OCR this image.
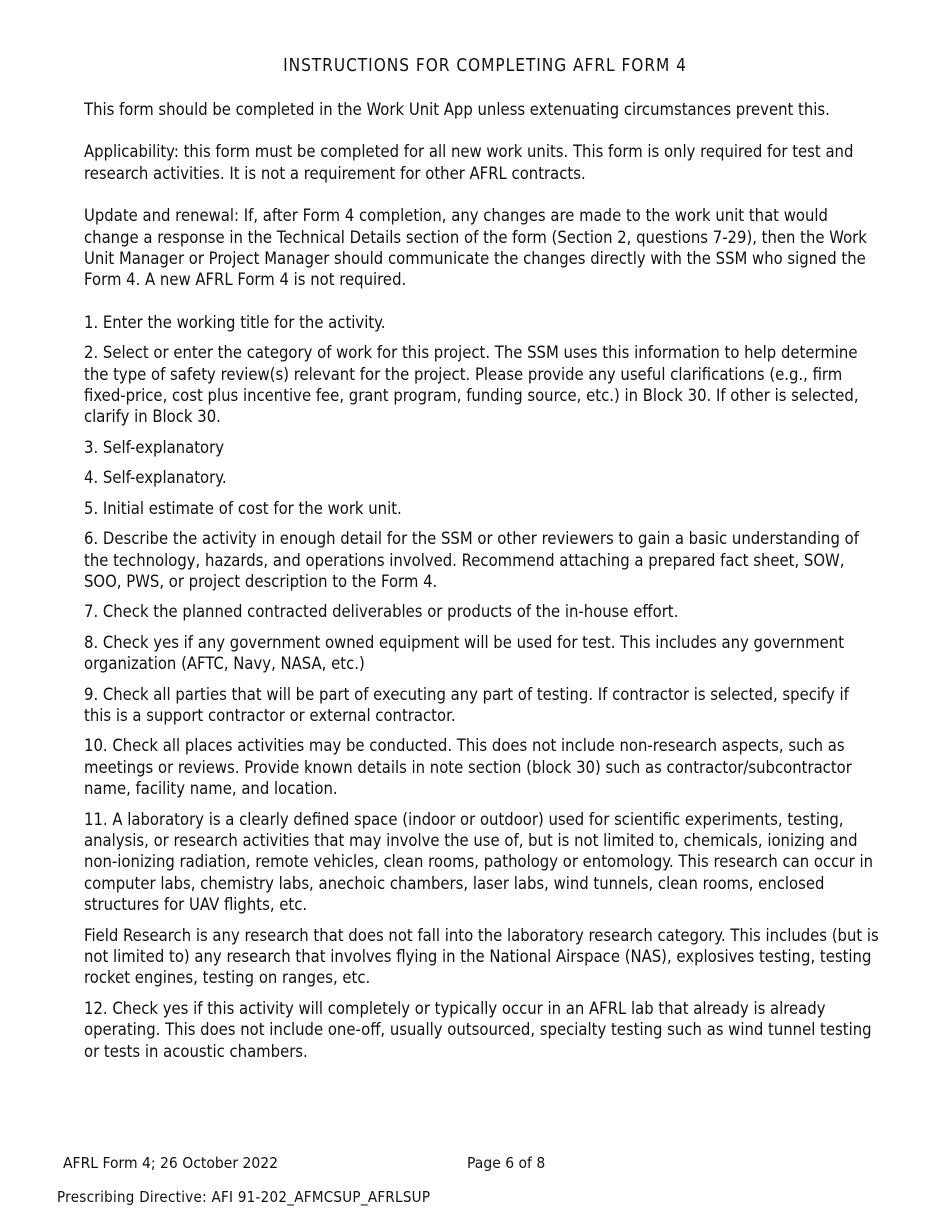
INSTRUCTIONS FOR COMPLETING AFRL FORM 4

This form should be completed in the Work Unit App unless extenuating circumstances prevent this.

Applicability: this form must be completed for all new work units. This form is only required for test and research activities. It is not a requirement for other AFRL contracts.

Update and renewal: If, after Form 4 completion, any changes are made to the work unit that would change a response in the Technical Details section of the form (Section 2, questions 7-29), then the Work Unit Manager or Project Manager should communicate the changes directly with the SSM who signed the Form 4. A new AFRL Form 4 is not required.

1. Enter the working title for the activity.

2. Select or enter the category of work for this project. The SSM uses this information to help determine the type of safety review(s) relevant for the project. Please provide any useful clarifications (e.g., firm fixed-price, cost plus incentive fee, grant program, funding source, etc.) in Block 30. If other is selected, clarify in Block 30.

3. Self-explanatory

4. Self-explanatory.

5. Initial estimate of cost for the work unit.

6. Describe the activity in enough detail for the SSM or other reviewers to gain a basic understanding of the technology, hazards, and operations involved. Recommend attaching a prepared fact sheet, SOW, SOO, PWS, or project description to the Form 4.

7. Check the planned contracted deliverables or products of the in-house effort.

8. Check yes if any government owned equipment will be used for test. This includes any government organization (AFTC, Navy, NASA, etc.)

9. Check all parties that will be part of executing any part of testing. If contractor is selected, specify if this is a support contractor or external contractor.

10. Check all places activities may be conducted. This does not include non-research aspects, such as meetings or reviews. Provide known details in note section (block 30) such as contractor/subcontractor name, facility name, and location.

11. A laboratory is a clearly defined space (indoor or outdoor) used for scientific experiments, testing, analysis, or research activities that may involve the use of, but is not limited to, chemicals, ionizing and non-ionizing radiation, remote vehicles, clean rooms, pathology or entomology. This research can occur in computer labs, chemistry labs, anechoic chambers, laser labs, wind tunnels, clean rooms, enclosed structures for UAV flights, etc.

Field Research is any research that does not fall into the laboratory research category. This includes (but is not limited to) any research that involves flying in the National Airspace (NAS), explosives testing, testing rocket engines, testing on ranges, etc.

12. Check yes if this activity will completely or typically occur in an AFRL lab that already is already operating. This does not include one-off, usually outsourced, specialty testing such as wind tunnel testing or tests in acoustic chambers.

AFRL Form 4; 26 October 2022	Page 6 of 8
Prescribing Directive: AFI 91-202_AFMCSUP_AFRLSUP
